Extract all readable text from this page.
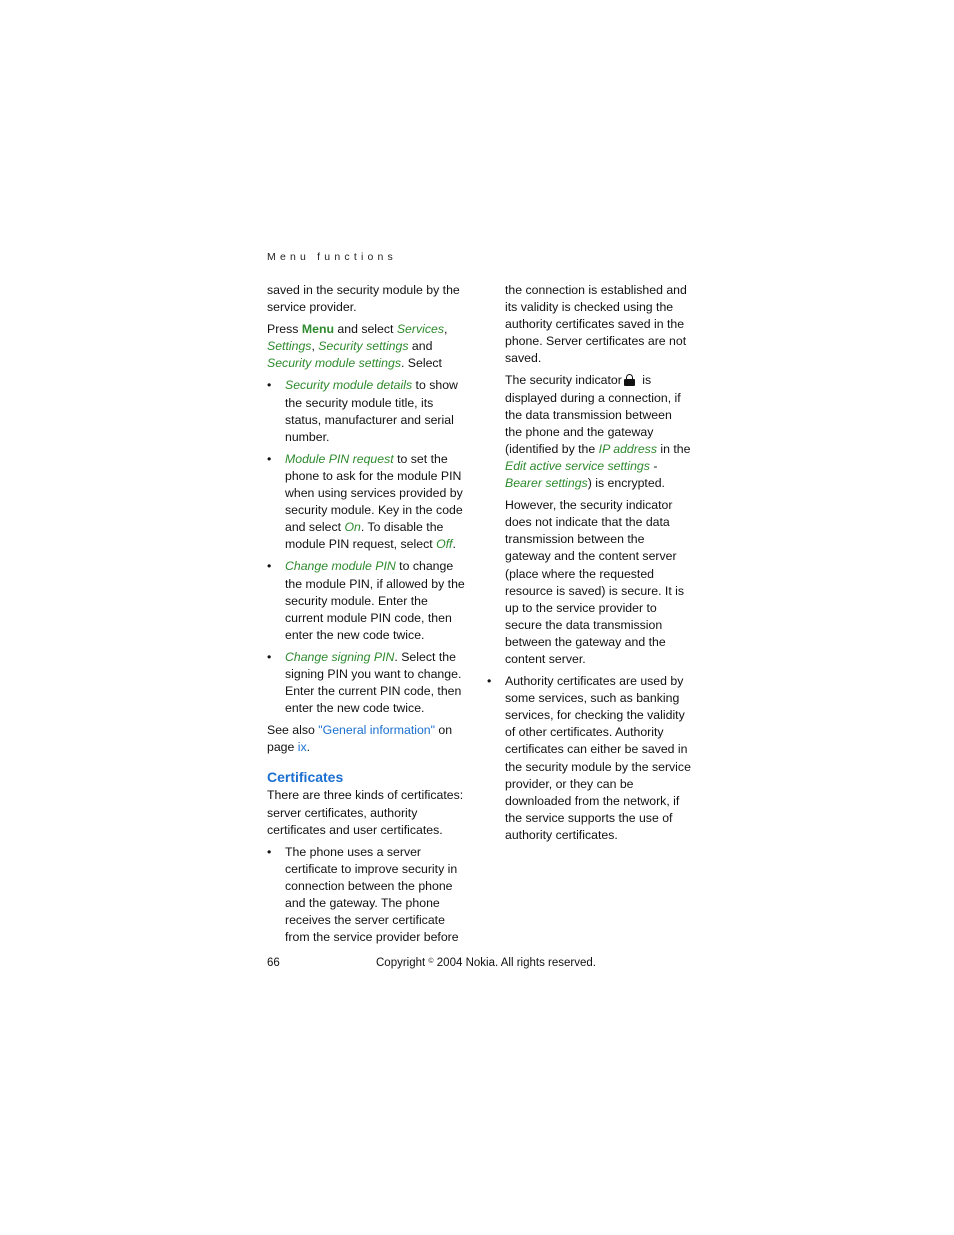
Menu functions

saved in the security module by the service provider.

Press Menu and select Services, Settings, Security settings and Security module settings. Select

• Security module details to show the security module title, its status, manufacturer and serial number.
• Module PIN request to set the phone to ask for the module PIN when using services provided by security module. Key in the code and select On. To disable the module PIN request, select Off.
• Change module PIN to change the module PIN, if allowed by the security module. Enter the current module PIN code, then enter the new code twice.
• Change signing PIN. Select the signing PIN you want to change. Enter the current PIN code, then enter the new code twice.

See also "General information" on page ix.

Certificates

There are three kinds of certificates: server certificates, authority certificates and user certificates.

• The phone uses a server certificate to improve security in connection between the phone and the gateway. The phone receives the server certificate from the service provider before

the connection is established and its validity is checked using the authority certificates saved in the phone. Server certificates are not saved.

The security indicator
is displayed during a connection, if the data transmission between the phone and the gateway (identified by the IP address in the Edit active service settings - Bearer settings) is encrypted.

However, the security indicator does not indicate that the data transmission between the gateway and the content server (place where the requested resource is saved) is secure. It is up to the service provider to secure the data transmission between the gateway and the content server.

• Authority certificates are used by some services, such as banking services, for checking the validity of other certificates. Authority certificates can either be saved in the security module by the service provider, or they can be downloaded from the network, if the service supports the use of authority certificates.
66	Copyright © 2004 Nokia. All rights reserved.
